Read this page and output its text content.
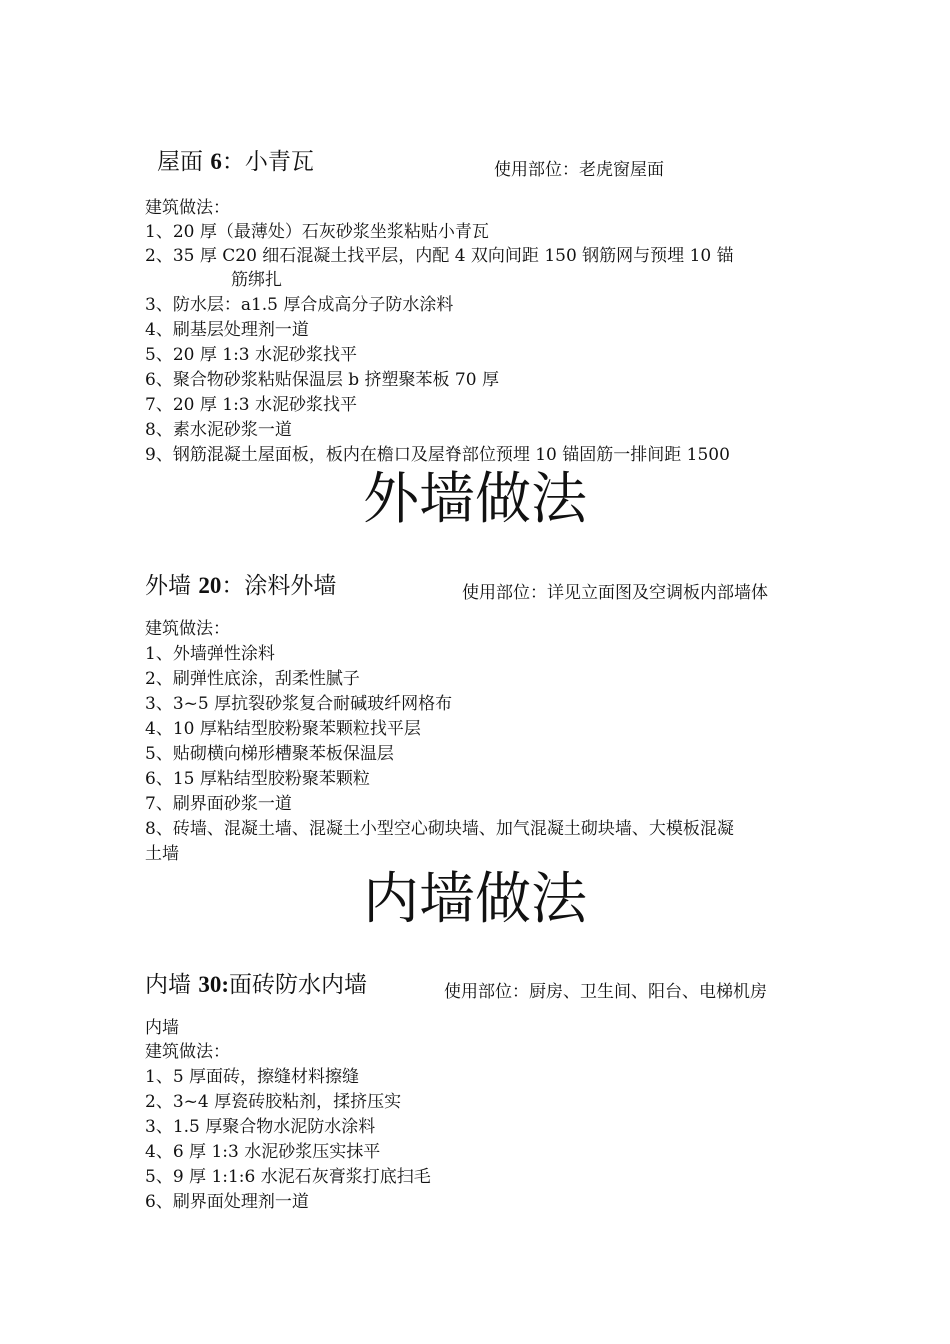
屋面 6：小青瓦	使用部位：老虎窗屋面
建筑做法：
1、20 厚（最薄处）石灰砂浆坐浆粘贴小青瓦
2、35 厚 C20 细石混凝土找平层，内配 4 双向间距 150 钢筋网与预埋 10 锚
筋绑扎
3、防水层：a1.5 厚合成高分子防水涂料
4、刷基层处理剂一道
5、20 厚 1:3 水泥砂浆找平
6、聚合物砂浆粘贴保温层 b 挤塑聚苯板 70 厚
7、20 厚 1:3 水泥砂浆找平
8、素水泥砂浆一道
9、钢筋混凝土屋面板，板内在檐口及屋脊部位预埋 10 锚固筋一排间距 1500
外墙做法
外墙 20：涂料外墙	使用部位：详见立面图及空调板内部墙体
建筑做法：
1、外墙弹性涂料
2、刷弹性底涂，刮柔性腻子
3、3~5 厚抗裂砂浆复合耐碱玻纤网格布
4、10 厚粘结型胶粉聚苯颗粒找平层
5、贴砌横向梯形槽聚苯板保温层
6、15 厚粘结型胶粉聚苯颗粒
7、刷界面砂浆一道
8、砖墙、混凝土墙、混凝土小型空心砌块墙、加气混凝土砌块墙、大模板混凝
土墙
内墙做法
内墙 30:面砖防水内墙	使用部位：厨房、卫生间、阳台、电梯机房
内墙
建筑做法：
1、5 厚面砖，擦缝材料擦缝
2、3~4 厚瓷砖胶粘剂，揉挤压实
3、1.5 厚聚合物水泥防水涂料
4、6 厚 1:3 水泥砂浆压实抹平
5、9 厚 1:1:6 水泥石灰膏浆打底扫毛
6、刷界面处理剂一道
